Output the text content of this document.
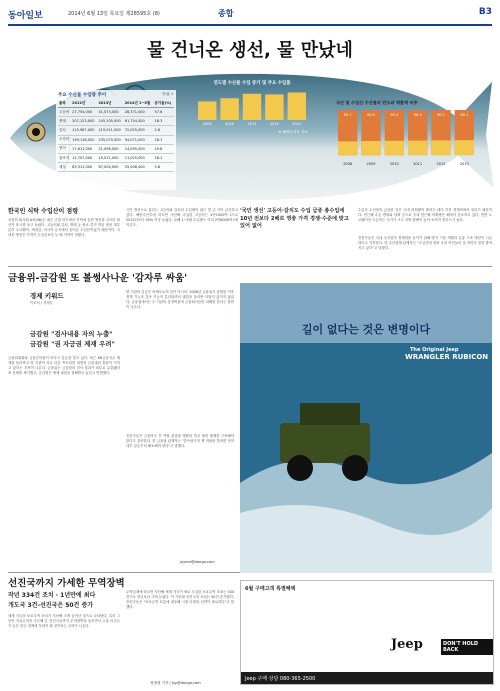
동아일보	2014년 6월 13일 목요일 제28595호 (8)	종합	B3
물 건너온 생선, 물 만났네
주요 수산물 수입량 추이	단위: t
품목	2012년	2013년	2014년 1~5월	증가율(%)
고등어	27,754,000	41,073,000	28,371,000	57.6
명태	207,123,000	245,105,000	61,754,000	18.3
갈치	115,987,000	119,011,000	72,025,000	2.6
오징어	199,116,000	235,070,000	94,071,000	18.1
연어	17,611,000	21,098,000	14,095,000	19.8
참조기	12,707,000	15,011,000	11,025,000	18.1
새우	63,311,000	67,004,000	25,006,000	5.8
연도별 수산물 수입 증가 및 주요 수입품
2009	2010	2011	2012	2013
※ 해양수산부 자료
국산 및 수입산 수산물의 판도와 매출액 비중
90.7
2008
90.5
2009
90.4
2010
90.3
2011
90.2
2012
90.1
2013
한국인 식탁 수입산이 점령	'국민 생선' 고등어·갈치도 수입 급증 총수입에 10년 전보다 2배로 껑충 가격 경쟁·수준에 맞고 있어 없어
서울의 회사원 A씨(46)는 최근 주말 마트에서 식탁에 올릴 생선을 고르다 원산지 표시를 보고 놀랐다. 고등어와 갈치, 명태 등 평소 즐겨 먹던 생선 대부분이 노르웨이, 세네갈, 러시아 등지에서 들어온 수입산이었기 때문이다. 국내산 생선은 가격이 수입산보다 두 배 가까이 비쌌다.
국민 생선으로 불리는 고등어와 갈치의 수입량이 최근 몇 년 사이 급증하고 있다. 해양수산부에 따르면 지난해 수입된 고등어는 4만1000여 t으로 2012년보다 50% 이상 늘었다. 올해 1~5월 수입량도 이미 2만8000여 t에 이른다.
수입산 수산물이 급증한 것은 국내 어획량이 줄어든 데다 가격 경쟁력에서 밀리기 때문이다. 연근해 수온 변화와 남획 등으로 국내 연근해 어획량은 해마다 감소하고 있다. 반면 노르웨이산 고등어는 크기가 크고 지방 함량이 높아 소비자 선호도가 높다.
전문가들은 국내 수산업의 경쟁력을 높이기 위해 양식 기술 개발과 유통 구조 개선이 시급하다고 지적한다. 한 수산업계 관계자는 "수입산에 밀려 국내 어민들의 설 자리가 점점 좁아지고 있다"고 말했다.
금융위-금감원 또 볼썽사나운 '감자루 싸움'
경제 키워드
이모씨 / 경제부
금감원 "검사내용 자의 누출"
금감원 "권 자긍권 제재 우려"
금융위원회와 금융감독원이 또다시 갈등을 빚고 있다. 최근 KB금융지주 제재를 둘러싸고 양 기관이 서로 다른 목소리를 내면서 금융권의 혼란이 커지고 있다는 지적이 나온다. 금융위는 금감원의 검사 결과가 외부로 유출됐다며 문제를 제기했고, 금감원은 제재 권한을 침해받고 있다고 반발했다.
양 기관의 갈등은 어제오늘의 일이 아니다. 2008년 금융위가 출범한 이후 정책 기능과 감독 기능이 분리되면서 권한을 둘러싼 다툼이 끊이지 않았다. 금융권에서는 두 기관의 감정싸움에 금융회사들만 피해를 본다는 불만이 나온다.
전문가들은 금융당국 간 역할 분담을 명확히 하고 협력 체계를 구축해야 한다고 강조한다. 한 금융권 관계자는 "감독당국이 제 역할을 하려면 먼저 내부 갈등부터 해소해야 한다"고 말했다.
jxyem@donga.com
길이 없다는 것은 변명이다
The Original Jeep
WRANGLER RUBICON
선진국까지 가세한 무역장벽
작년 334건 조치 · 1년만에 최다
개도국 3건-선진국은 50건 증가
세계 각국의 보호무역 조치가 지난해 크게 늘어난 것으로 나타났다. 특히 그동안 자유무역을 주도해 온 선진국들까지 무역장벽을 높이면서 수출 의존도가 높은 한국 경제에 부담이 될 것이라는 우려가 나온다.
무역업계에 따르면 지난해 세계 각국이 새로 도입한 보호무역 조치는 334건으로 전년보다 크게 늘었다. 이 가운데 선진국의 조치는 50건 증가했다. 전문가들은 "보호무역 흐름에 대응해 시장 다변화 전략이 필요하다"고 말했다.
정세영 기자 / jsy@donga.com
6월 구매고객 특별혜택
Jeep 구매 상담 080-365-2500
Jeep	DON'T HOLD BACK
